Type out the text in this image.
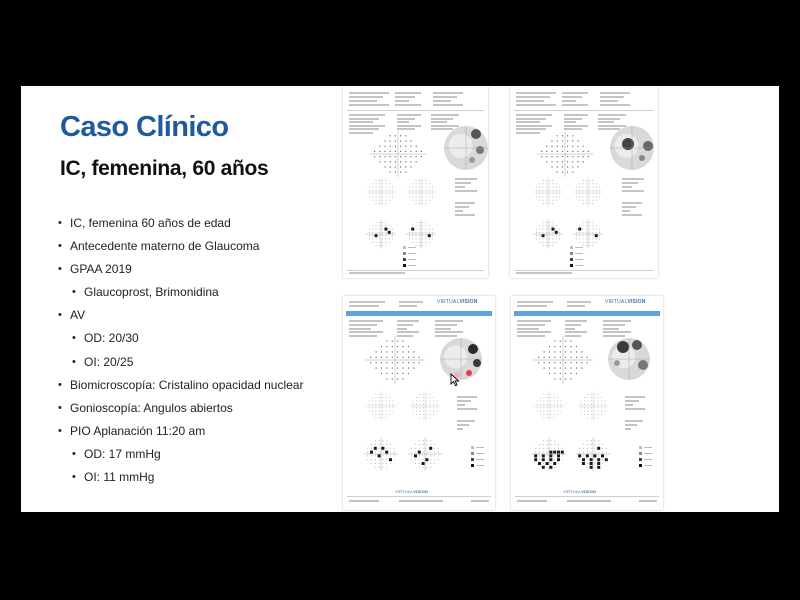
Caso Clínico
IC, femenina, 60 años
• IC, femenina 60 años de edad
• Antecedente materno de Glaucoma
• GPAA 2019
• Glaucoprost, Brimonidina
• AV
• OD: 20/30
• OI: 20/25
• Biomicroscopía: Cristalino opacidad nuclear
• Gonioscopía: Angulos abiertos
• PIO Aplanación 11:20 am
• OD: 17 mmHg
• OI: 11 mmHg
VIRTUALVISION
VIRTUALVISION
VIRTUALVISION
VIRTUALVISION
